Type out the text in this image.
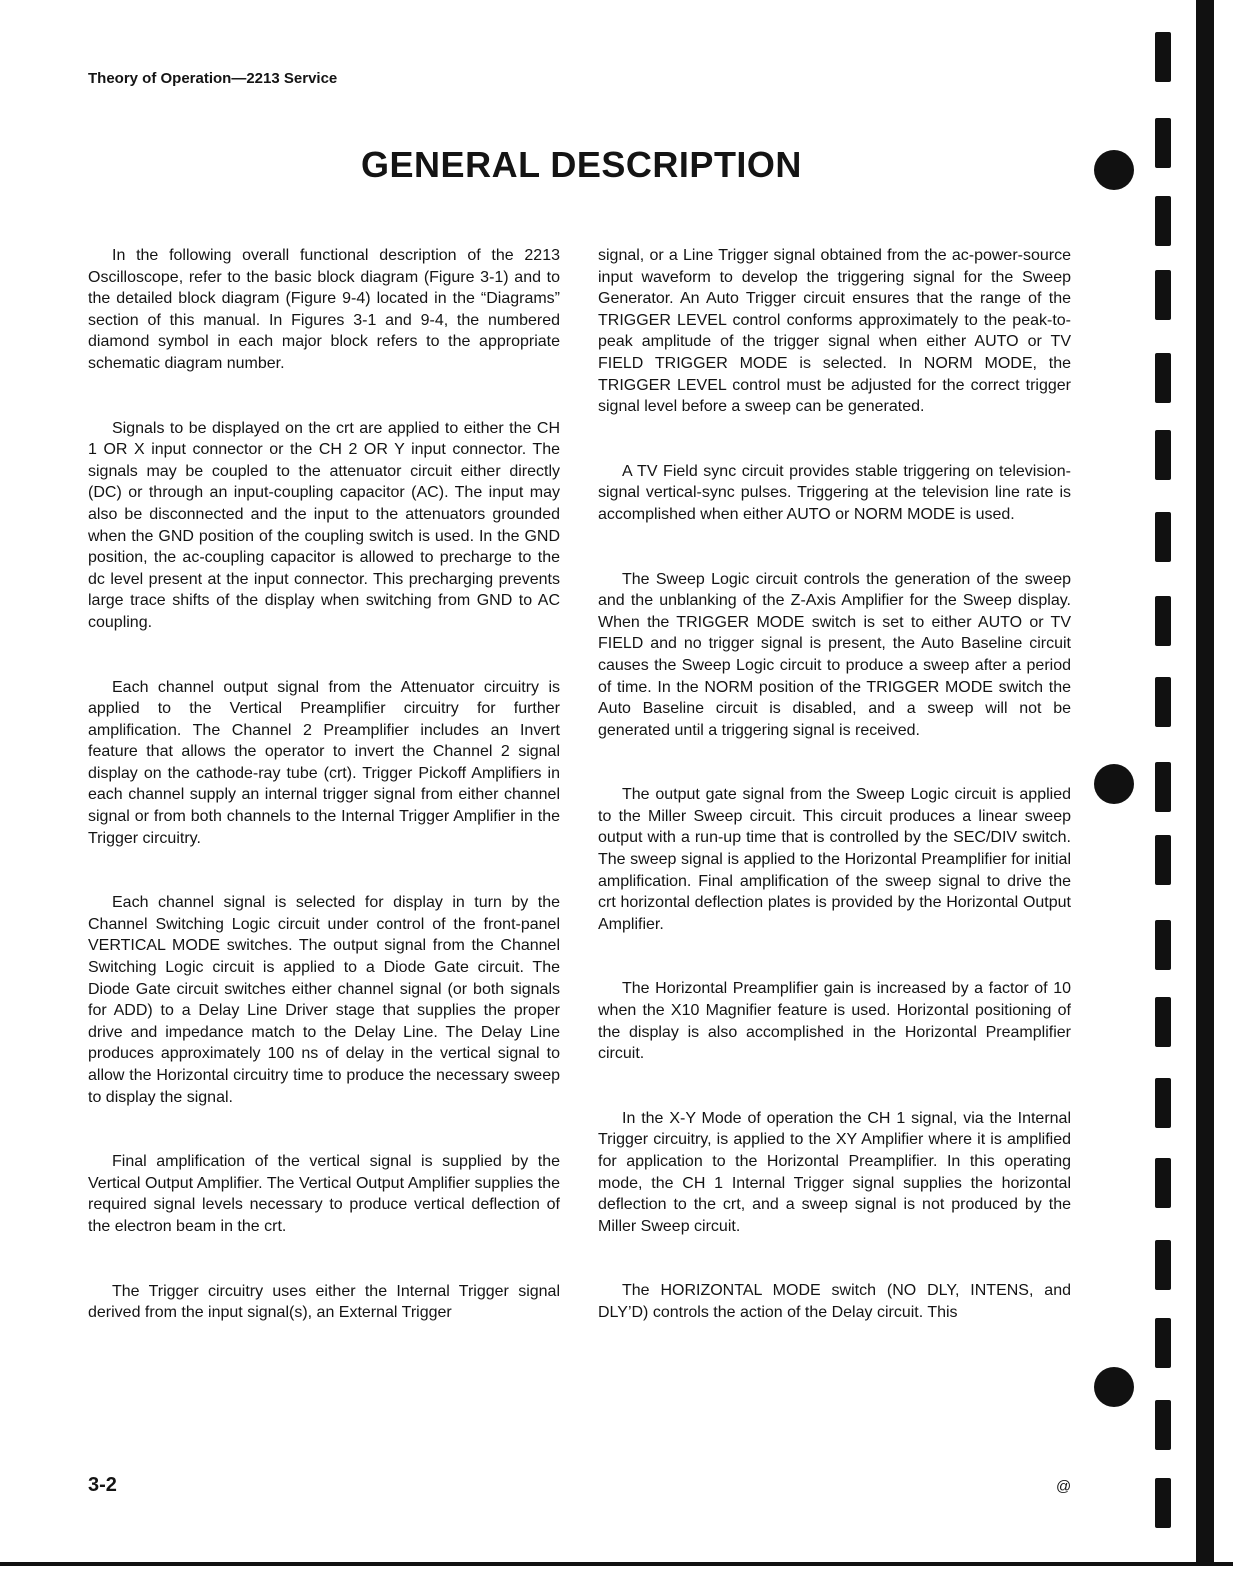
Theory of Operation—2213 Service
GENERAL DESCRIPTION

In the following overall functional description of the 2213 Oscilloscope, refer to the basic block diagram (Figure 3-1) and to the detailed block diagram (Figure 9-4) located in the “Diagrams” section of this manual. In Figures 3-1 and 9-4, the numbered diamond symbol in each major block refers to the appropriate schematic diagram number.

Signals to be displayed on the crt are applied to either the CH 1 OR X input connector or the CH 2 OR Y input connector. The signals may be coupled to the attenuator circuit either directly (DC) or through an input-coupling capacitor (AC). The input may also be disconnected and the input to the attenuators grounded when the GND position of the coupling switch is used. In the GND position, the ac-coupling capacitor is allowed to precharge to the dc level present at the input connector. This precharging prevents large trace shifts of the display when switching from GND to AC coupling.

Each channel output signal from the Attenuator circuitry is applied to the Vertical Preamplifier circuitry for further amplification. The Channel 2 Preamplifier includes an Invert feature that allows the operator to invert the Channel 2 signal display on the cathode-ray tube (crt). Trigger Pickoff Amplifiers in each channel supply an internal trigger signal from either channel signal or from both channels to the Internal Trigger Amplifier in the Trigger circuitry.

Each channel signal is selected for display in turn by the Channel Switching Logic circuit under control of the front-panel VERTICAL MODE switches. The output signal from the Channel Switching Logic circuit is applied to a Diode Gate circuit. The Diode Gate circuit switches either channel signal (or both signals for ADD) to a Delay Line Driver stage that supplies the proper drive and impedance match to the Delay Line. The Delay Line produces approximately 100 ns of delay in the vertical signal to allow the Horizontal circuitry time to produce the necessary sweep to display the signal.

Final amplification of the vertical signal is supplied by the Vertical Output Amplifier. The Vertical Output Amplifier supplies the required signal levels necessary to produce vertical deflection of the electron beam in the crt.

The Trigger circuitry uses either the Internal Trigger signal derived from the input signal(s), an External Trigger

signal, or a Line Trigger signal obtained from the ac-power-source input waveform to develop the triggering signal for the Sweep Generator. An Auto Trigger circuit ensures that the range of the TRIGGER LEVEL control conforms approximately to the peak-to-peak amplitude of the trigger signal when either AUTO or TV FIELD TRIGGER MODE is selected. In NORM MODE, the TRIGGER LEVEL control must be adjusted for the correct trigger signal level before a sweep can be generated.

A TV Field sync circuit provides stable triggering on television-signal vertical-sync pulses. Triggering at the television line rate is accomplished when either AUTO or NORM MODE is used.

The Sweep Logic circuit controls the generation of the sweep and the unblanking of the Z-Axis Amplifier for the Sweep display. When the TRIGGER MODE switch is set to either AUTO or TV FIELD and no trigger signal is present, the Auto Baseline circuit causes the Sweep Logic circuit to produce a sweep after a period of time. In the NORM position of the TRIGGER MODE switch the Auto Baseline circuit is disabled, and a sweep will not be generated until a triggering signal is received.

The output gate signal from the Sweep Logic circuit is applied to the Miller Sweep circuit. This circuit produces a linear sweep output with a run-up time that is controlled by the SEC/DIV switch. The sweep signal is applied to the Horizontal Preamplifier for initial amplification. Final amplification of the sweep signal to drive the crt horizontal deflection plates is provided by the Horizontal Output Amplifier.

The Horizontal Preamplifier gain is increased by a factor of 10 when the X10 Magnifier feature is used. Horizontal positioning of the display is also accomplished in the Horizontal Preamplifier circuit.

In the X-Y Mode of operation the CH 1 signal, via the Internal Trigger circuitry, is applied to the XY Amplifier where it is amplified for application to the Horizontal Preamplifier. In this operating mode, the CH 1 Internal Trigger signal supplies the horizontal deflection to the crt, and a sweep signal is not produced by the Miller Sweep circuit.

The HORIZONTAL MODE switch (NO DLY, INTENS, and DLY’D) controls the action of the Delay circuit. This

3-2	@
